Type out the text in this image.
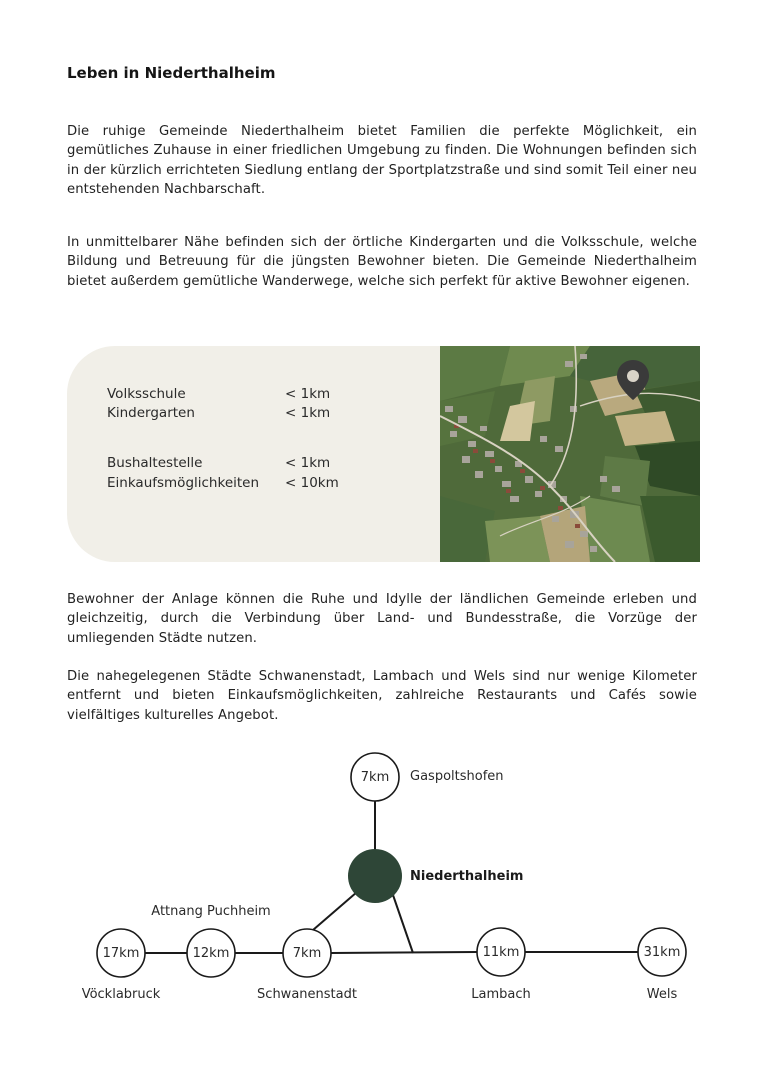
Leben in Niederthalheim

Die ruhige Gemeinde Niederthalheim bietet Familien die perfekte Möglichkeit, ein gemütliches Zuhause in einer friedlichen Umgebung zu finden. Die Wohnungen befinden sich in der kürzlich errichteten Siedlung entlang der Sportplatzstraße und sind somit Teil einer neu entstehenden Nachbarschaft.

In unmittelbarer Nähe befinden sich der örtliche Kindergarten und die Volksschule, welche Bildung und Betreuung für die jüngsten Bewohner bieten. Die Gemeinde Niederthalheim bietet außerdem gemütliche Wanderwege, welche sich perfekt für aktive Bewohner eigenen.

Volksschule	< 1km
Kindergarten	< 1km
Bushaltestelle	< 1km
Einkaufsmöglichkeiten < 10km

Bewohner der Anlage können die Ruhe und Idylle der ländlichen Gemeinde erleben und gleichzeitig, durch die Verbindung über Land- und Bundesstraße, die Vorzüge der umliegenden Städte nutzen.

Die nahegelegenen Städte Schwanenstadt, Lambach und Wels sind nur wenige Kilometer entfernt und bieten Einkaufsmöglichkeiten, zahlreiche Restaurants und Cafés sowie vielfältiges kulturelles Angebot.

Niederthalheim
7km Gaspoltshofen
17km
Vöcklabruck
12km
Attnang Puchheim
7km
Schwanenstadt
11km
Lambach
31km
Wels
